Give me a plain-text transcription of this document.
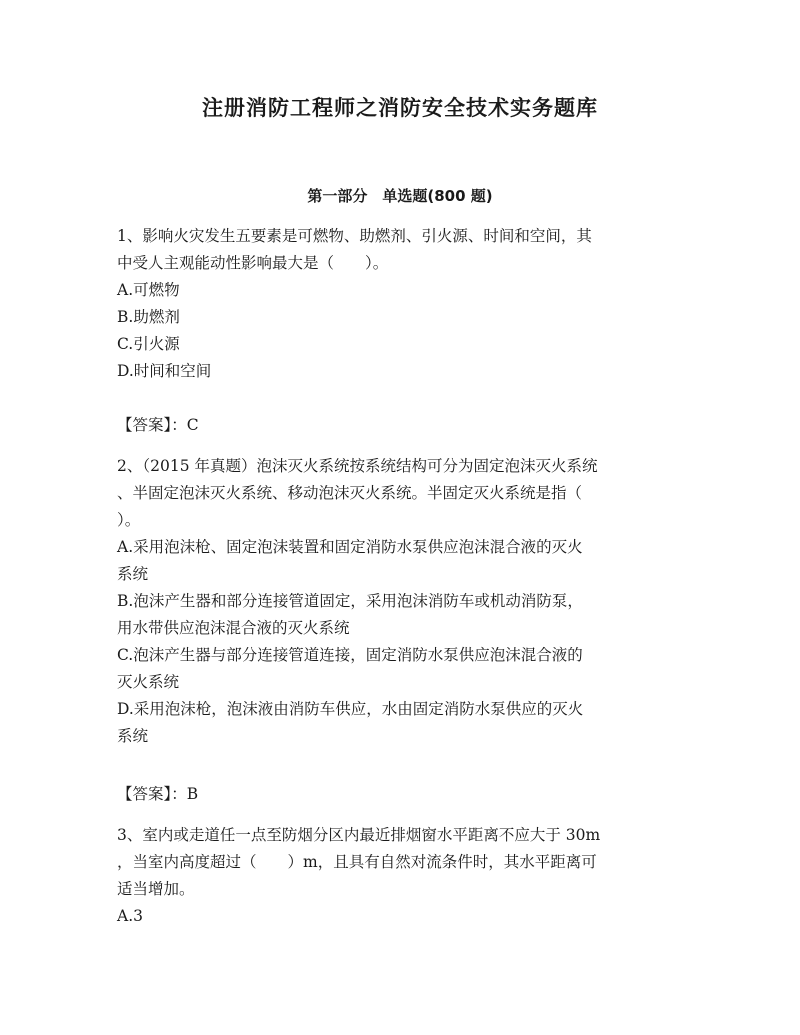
注册消防工程师之消防安全技术实务题库
第一部分　单选题(800 题)
1、影响火灾发生五要素是可燃物、助燃剂、引火源、时间和空间，其
中受人主观能动性影响最大是（　　）。
A.可燃物
B.助燃剂
C.引火源
D.时间和空间
【答案】：C
2、（2015 年真题）泡沫灭火系统按系统结构可分为固定泡沫灭火系统
、半固定泡沫灭火系统、移动泡沫灭火系统。半固定灭火系统是指（
）。
A.采用泡沫枪、固定泡沫装置和固定消防水泵供应泡沫混合液的灭火
系统
B.泡沫产生器和部分连接管道固定，采用泡沫消防车或机动消防泵，
用水带供应泡沫混合液的灭火系统
C.泡沫产生器与部分连接管道连接，固定消防水泵供应泡沫混合液的
灭火系统
D.采用泡沫枪，泡沫液由消防车供应，水由固定消防水泵供应的灭火
系统
【答案】：B
3、室内或走道任一点至防烟分区内最近排烟窗水平距离不应大于 30m
，当室内高度超过（　　）m，且具有自然对流条件时，其水平距离可
适当增加。
A.3
